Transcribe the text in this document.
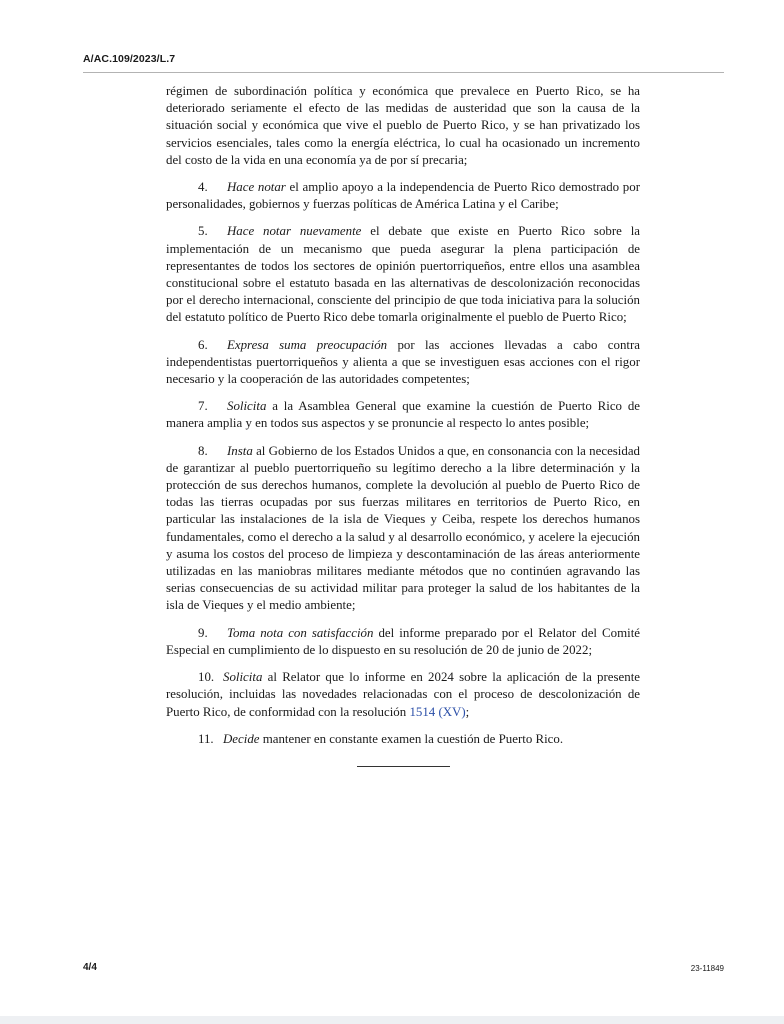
A/AC.109/2023/L.7

régimen de subordinación política y económica que prevalece en Puerto Rico, se ha deteriorado seriamente el efecto de las medidas de austeridad que son la causa de la situación social y económica que vive el pueblo de Puerto Rico, y se han privatizado los servicios esenciales, tales como la energía eléctrica, lo cual ha ocasionado un incremento del costo de la vida en una economía ya de por sí precaria;

4. Hace notar el amplio apoyo a la independencia de Puerto Rico demostrado por personalidades, gobiernos y fuerzas políticas de América Latina y el Caribe;

5. Hace notar nuevamente el debate que existe en Puerto Rico sobre la implementación de un mecanismo que pueda asegurar la plena participación de representantes de todos los sectores de opinión puertorriqueños, entre ellos una asamblea constitucional sobre el estatuto basada en las alternativas de descolonización reconocidas por el derecho internacional, consciente del principio de que toda iniciativa para la solución del estatuto político de Puerto Rico debe tomarla originalmente el pueblo de Puerto Rico;

6. Expresa suma preocupación por las acciones llevadas a cabo contra independentistas puertorriqueños y alienta a que se investiguen esas acciones con el rigor necesario y la cooperación de las autoridades competentes;

7. Solicita a la Asamblea General que examine la cuestión de Puerto Rico de manera amplia y en todos sus aspectos y se pronuncie al respecto lo antes posible;

8. Insta al Gobierno de los Estados Unidos a que, en consonancia con la necesidad de garantizar al pueblo puertorriqueño su legítimo derecho a la libre determinación y la protección de sus derechos humanos, complete la devolución al pueblo de Puerto Rico de todas las tierras ocupadas por sus fuerzas militares en territorios de Puerto Rico, en particular las instalaciones de la isla de Vieques y Ceiba, respete los derechos humanos fundamentales, como el derecho a la salud y al desarrollo económico, y acelere la ejecución y asuma los costos del proceso de limpieza y descontaminación de las áreas anteriormente utilizadas en las maniobras militares mediante métodos que no continúen agravando las serias consecuencias de su actividad militar para proteger la salud de los habitantes de la isla de Vieques y el medio ambiente;

9. Toma nota con satisfacción del informe preparado por el Relator del Comité Especial en cumplimiento de lo dispuesto en su resolución de 20 de junio de 2022;

10. Solicita al Relator que lo informe en 2024 sobre la aplicación de la presente resolución, incluidas las novedades relacionadas con el proceso de descolonización de Puerto Rico, de conformidad con la resolución 1514 (XV);

11. Decide mantener en constante examen la cuestión de Puerto Rico.

4/4	23-11849
